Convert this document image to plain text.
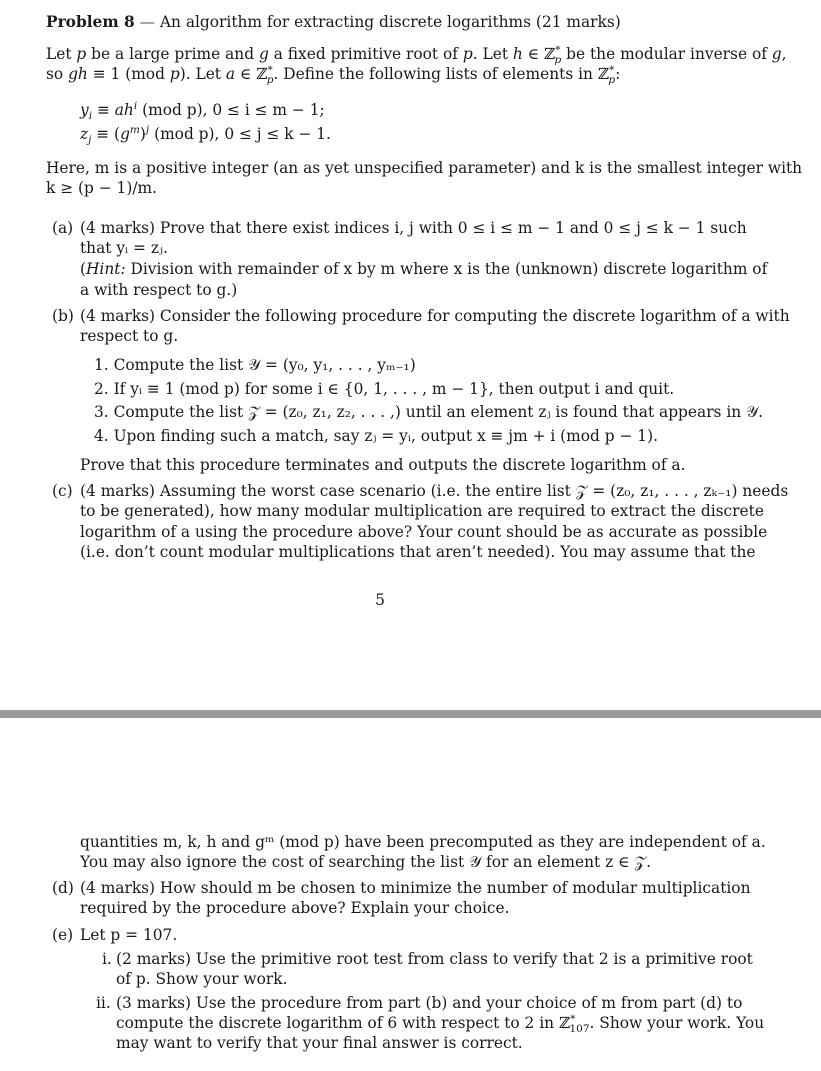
Problem 8 — An algorithm for extracting discrete logarithms (21 marks)
Let p be a large prime and g a fixed primitive root of p. Let h ∈ ℤ*$_p$ be the modular inverse of g,
so gh ≡ 1 (mod p). Let a ∈ ℤ*$_p$. Define the following lists of elements in ℤ*$_p$:
$y_i \equiv ah^i$ (mod p), 0 ≤ i ≤ m − 1;
$z_j \equiv (g^m)^j$ (mod p), 0 ≤ j ≤ k − 1.
Here, m is a positive integer (an as yet unspecified parameter) and k is the smallest integer with
k ≥ (p − 1)/m.
(a) (4 marks) Prove that there exist indices i, j with 0 ≤ i ≤ m − 1 and 0 ≤ j ≤ k − 1 such
that yᵢ = zⱼ.
(Hint: Division with remainder of x by m where x is the (unknown) discrete logarithm of
a with respect to g.)
(b) (4 marks) Consider the following procedure for computing the discrete logarithm of a with
respect to g.
1. Compute the list 𝒴 = (y₀, y₁, . . . , yₘ₋₁)
2. If yᵢ ≡ 1 (mod p) for some i ∈ {0, 1, . . . , m − 1}, then output i and quit.
3. Compute the list 𝒵 = (z₀, z₁, z₂, . . . ,) until an element zⱼ is found that appears in 𝒴.
4. Upon finding such a match, say zⱼ = yᵢ, output x ≡ jm + i (mod p − 1).
Prove that this procedure terminates and outputs the discrete logarithm of a.
(c) (4 marks) Assuming the worst case scenario (i.e. the entire list 𝒵 = (z₀, z₁, . . . , zₖ₋₁) needs
to be generated), how many modular multiplication are required to extract the discrete
logarithm of a using the procedure above? Your count should be as accurate as possible
(i.e. don’t count modular multiplications that aren’t needed). You may assume that the
5
quantities m, k, h and gᵐ (mod p) have been precomputed as they are independent of a.
You may also ignore the cost of searching the list 𝒴 for an element z ∈ 𝒵.
(d) (4 marks) How should m be chosen to minimize the number of modular multiplication
required by the procedure above? Explain your choice.
(e) Let p = 107.
i. (2 marks) Use the primitive root test from class to verify that 2 is a primitive root
of p. Show your work.
ii. (3 marks) Use the procedure from part (b) and your choice of m from part (d) to
compute the discrete logarithm of 6 with respect to 2 in ℤ*$_{107}$. Show your work. You
may want to verify that your final answer is correct.
